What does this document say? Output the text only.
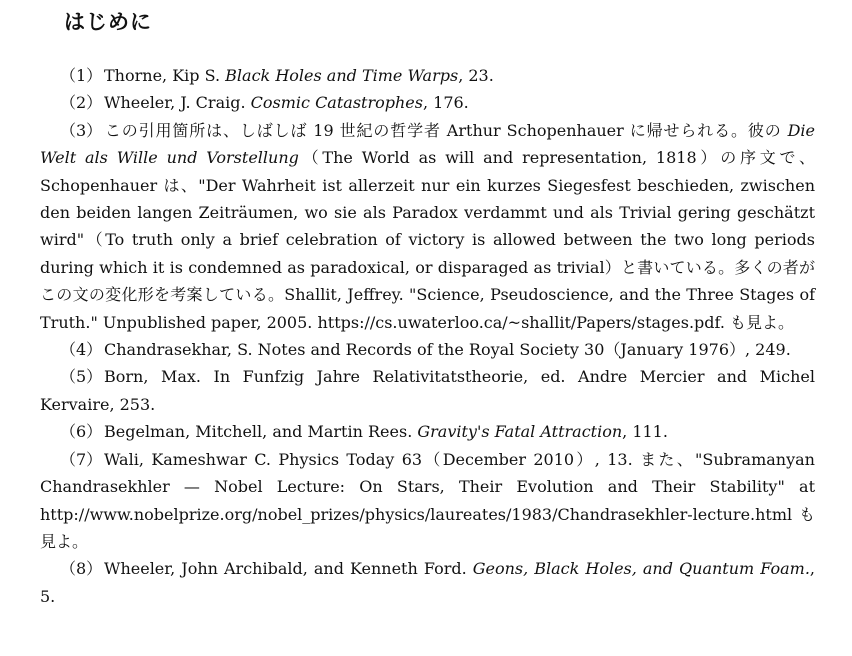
はじめに

（1） Thorne, Kip S. Black Holes and Time Warps, 23.

（2） Wheeler, J. Craig. Cosmic Catastrophes, 176.

（3） この引用箇所は、しばしば 19 世紀の哲学者 Arthur Schopenhauer に帰せられる。彼の Die Welt als Wille und Vorstellung（The World as will and representation, 1818）の序文で、Schopenhauer は、"Der Wahrheit ist allerzeit nur ein kurzes Siegesfest beschieden, zwischen den beiden langen Zeiträumen, wo sie als Paradox verdammt und als Trivial gering geschätzt wird"（To truth only a brief celebration of victory is allowed between the two long periods during which it is condemned as paradoxical, or disparaged as trivial）と書いている。多くの者がこの文の変化形を考案している。Shallit, Jeffrey. "Science, Pseudoscience, and the Three Stages of Truth." Unpublished paper, 2005. https://cs.uwaterloo.ca/~shallit/Papers/stages.pdf. も見よ。

（4） Chandrasekhar, S. Notes and Records of the Royal Society 30（January 1976）, 249.

（5） Born, Max. In Funfzig Jahre Relativitatstheorie, ed. Andre Mercier and Michel Kervaire, 253.

（6） Begelman, Mitchell, and Martin Rees. Gravity's Fatal Attraction, 111.

（7） Wali, Kameshwar C. Physics Today 63（December 2010）, 13. また、"Subramanyan Chandrasekhler — Nobel Lecture: On Stars, Their Evolution and Their Stability" at http://www.nobelprize.org/nobel_prizes/physics/laureates/1983/Chandrasekhler-lecture.html も見よ。

（8） Wheeler, John Archibald, and Kenneth Ford. Geons, Black Holes, and Quantum Foam., 5.
